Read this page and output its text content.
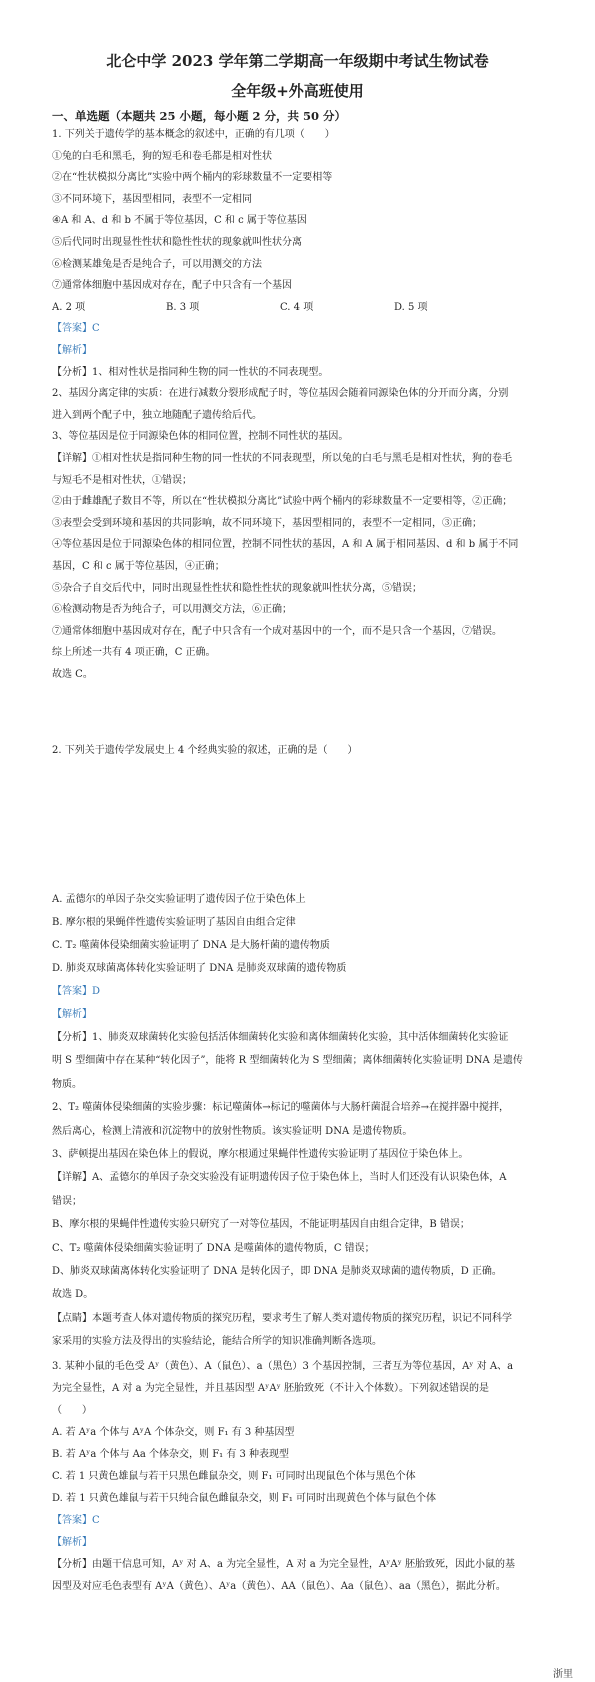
北仑中学 2023 学年第二学期高一年级期中考试生物试卷
全年级+外高班使用
一、单选题（本题共 25 小题，每小题 2 分，共 50 分）
1. 下列关于遗传学的基本概念的叙述中，正确的有几项（　　）
①兔的白毛和黑毛，狗的短毛和卷毛都是相对性状
②在“性状模拟分离比”实验中两个桶内的彩球数量不一定要相等
③不同环境下，基因型相同，表型不一定相同
④A 和 A、d 和 b 不属于等位基因，C 和 c 属于等位基因
⑤后代同时出现显性性状和隐性性状的现象就叫性状分离
⑥检测某雄兔是否是纯合子，可以用测交的方法
⑦通常体细胞中基因成对存在，配子中只含有一个基因
A. 2 项	B. 3 项	C. 4 项	D. 5 项
【答案】C
【解析】
【分析】1、相对性状是指同种生物的同一性状的不同表现型。
2、基因分离定律的实质：在进行减数分裂形成配子时，等位基因会随着同源染色体的分开而分离，分别
进入到两个配子中，独立地随配子遗传给后代。
3、等位基因是位于同源染色体的相同位置，控制不同性状的基因。
【详解】①相对性状是指同种生物的同一性状的不同表现型，所以兔的白毛与黑毛是相对性状，狗的卷毛
与短毛不是相对性状，①错误；
②由于雌雄配子数目不等，所以在“性状模拟分离比”试验中两个桶内的彩球数量不一定要相等，②正确；
③表型会受到环境和基因的共同影响，故不同环境下，基因型相同的，表型不一定相同，③正确；
④等位基因是位于同源染色体的相同位置，控制不同性状的基因，A 和 A 属于相同基因、d 和 b 属于不同
基因，C 和 c 属于等位基因，④正确；
⑤杂合子自交后代中，同时出现显性性状和隐性性状的现象就叫性状分离，⑤错误；
⑥检测动物是否为纯合子，可以用测交方法，⑥正确；
⑦通常体细胞中基因成对存在，配子中只含有一个成对基因中的一个，而不是只含一个基因，⑦错误。
综上所述一共有 4 项正确，C 正确。
故选 C。
2. 下列关于遗传学发展史上 4 个经典实验的叙述，正确的是（　　）
A. 孟德尔的单因子杂交实验证明了遗传因子位于染色体上
B. 摩尔根的果蝇伴性遗传实验证明了基因自由组合定律
C. T₂ 噬菌体侵染细菌实验证明了 DNA 是大肠杆菌的遗传物质
D. 肺炎双球菌离体转化实验证明了 DNA 是肺炎双球菌的遗传物质
【答案】D
【解析】
【分析】1、肺炎双球菌转化实验包括活体细菌转化实验和离体细菌转化实验，其中活体细菌转化实验证
明 S 型细菌中存在某种“转化因子”，能将 R 型细菌转化为 S 型细菌；离体细菌转化实验证明 DNA 是遗传
物质。
2、T₂ 噬菌体侵染细菌的实验步骤：标记噬菌体→标记的噬菌体与大肠杆菌混合培养→在搅拌器中搅拌，
然后离心，检测上清液和沉淀物中的放射性物质。该实验证明 DNA 是遗传物质。
3、萨顿提出基因在染色体上的假说，摩尔根通过果蝇伴性遗传实验证明了基因位于染色体上。
【详解】A、孟德尔的单因子杂交实验没有证明遗传因子位于染色体上，当时人们还没有认识染色体，A
错误；
B、摩尔根的果蝇伴性遗传实验只研究了一对等位基因，不能证明基因自由组合定律，B 错误；
C、T₂ 噬菌体侵染细菌实验证明了 DNA 是噬菌体的遗传物质，C 错误；
D、肺炎双球菌离体转化实验证明了 DNA 是转化因子，即 DNA 是肺炎双球菌的遗传物质，D 正确。
故选 D。
【点睛】本题考查人体对遗传物质的探究历程，要求考生了解人类对遗传物质的探究历程，识记不同科学
家采用的实验方法及得出的实验结论，能结合所学的知识准确判断各选项。
3. 某种小鼠的毛色受 Aʸ（黄色）、A（鼠色）、a（黑色）3 个基因控制，三者互为等位基因，Aʸ 对 A、a
为完全显性，A 对 a 为完全显性，并且基因型 AʸAʸ 胚胎致死（不计入个体数）。下列叙述错误的是
（　　）
A. 若 Aʸa 个体与 AʸA 个体杂交，则 F₁ 有 3 种基因型
B. 若 Aʸa 个体与 Aa 个体杂交，则 F₁ 有 3 种表现型
C. 若 1 只黄色雄鼠与若干只黑色雌鼠杂交，则 F₁ 可同时出现鼠色个体与黑色个体
D. 若 1 只黄色雄鼠与若干只纯合鼠色雌鼠杂交，则 F₁ 可同时出现黄色个体与鼠色个体
【答案】C
【解析】
【分析】由题干信息可知，Aʸ 对 A、a 为完全显性，A 对 a 为完全显性，AʸAʸ 胚胎致死，因此小鼠的基
因型及对应毛色表型有 AʸA（黄色）、Aʸa（黄色）、AA（鼠色）、Aa（鼠色）、aa（黑色），据此分析。
浙里
